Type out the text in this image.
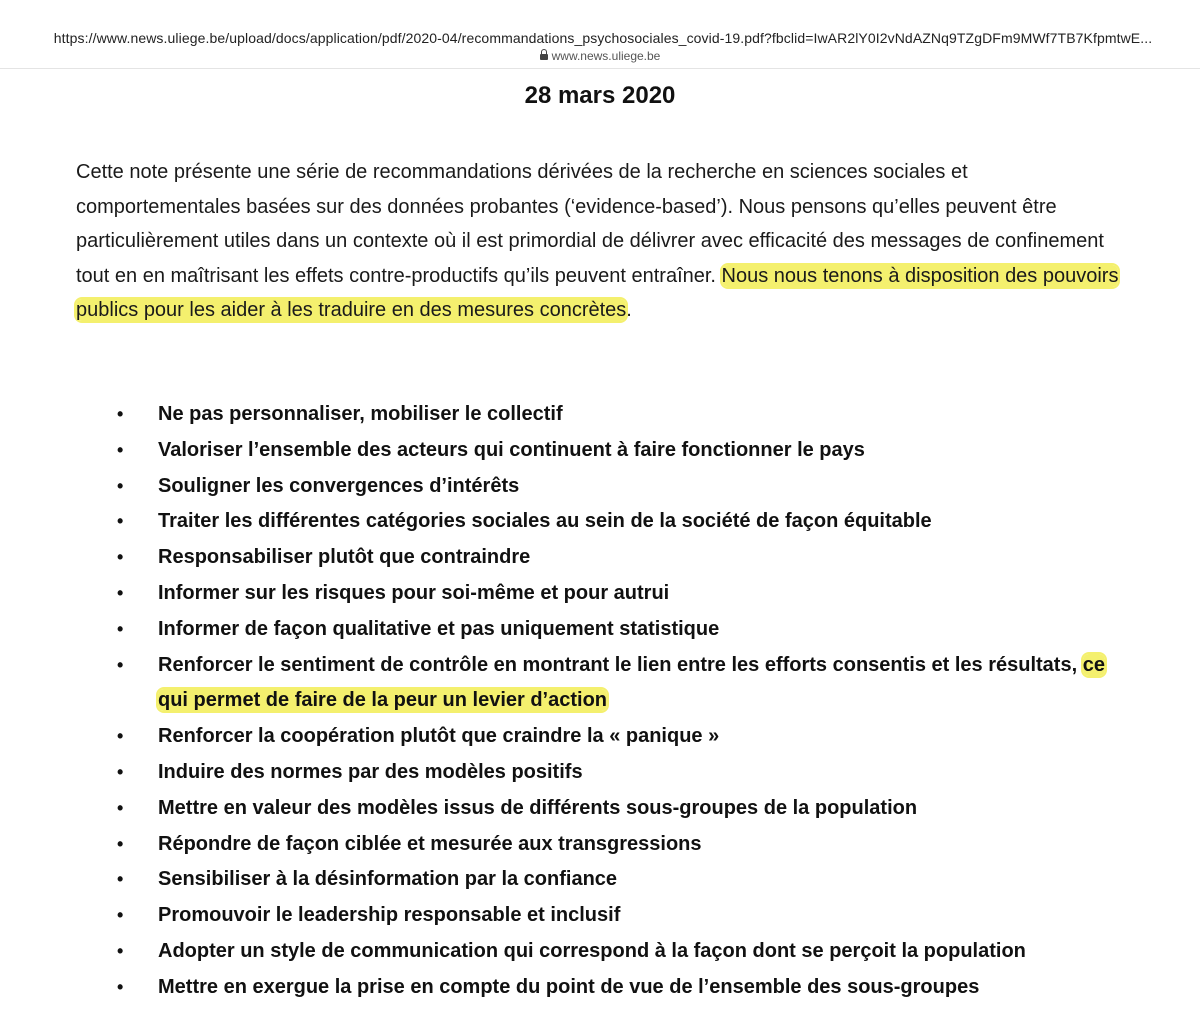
https://www.news.uliege.be/upload/docs/application/pdf/2020-04/recommandations_psychosociales_covid-19.pdf?fbclid=IwAR2lY0I2vNdAZNq9TZgDFm9MWf7TB7KfpmtwE...
www.news.uliege.be
28 mars 2020

Cette note présente une série de recommandations dérivées de la recherche en sciences sociales et comportementales basées sur des données probantes (‘evidence-based’). Nous pensons qu’elles peuvent être particulièrement utiles dans un contexte où il est primordial de délivrer avec efficacité des messages de confinement tout en en maîtrisant les effets contre-productifs qu’ils peuvent entraîner. Nous nous tenons à disposition des pouvoirs publics pour les aider à les traduire en des mesures concrètes.

• Ne pas personnaliser, mobiliser le collectif
• Valoriser l’ensemble des acteurs qui continuent à faire fonctionner le pays
• Souligner les convergences d’intérêts
• Traiter les différentes catégories sociales au sein de la société de façon équitable
• Responsabiliser plutôt que contraindre
• Informer sur les risques pour soi-même et pour autrui
• Informer de façon qualitative et pas uniquement statistique
• Renforcer le sentiment de contrôle en montrant le lien entre les efforts consentis et les résultats, ce qui permet de faire de la peur un levier d’action
• Renforcer la coopération plutôt que craindre la « panique »
• Induire des normes par des modèles positifs
• Mettre en valeur des modèles issus de différents sous-groupes de la population
• Répondre de façon ciblée et mesurée aux transgressions
• Sensibiliser à la désinformation par la confiance
• Promouvoir le leadership responsable et inclusif
• Adopter un style de communication qui correspond à la façon dont se perçoit la population
• Mettre en exergue la prise en compte du point de vue de l’ensemble des sous-groupes
